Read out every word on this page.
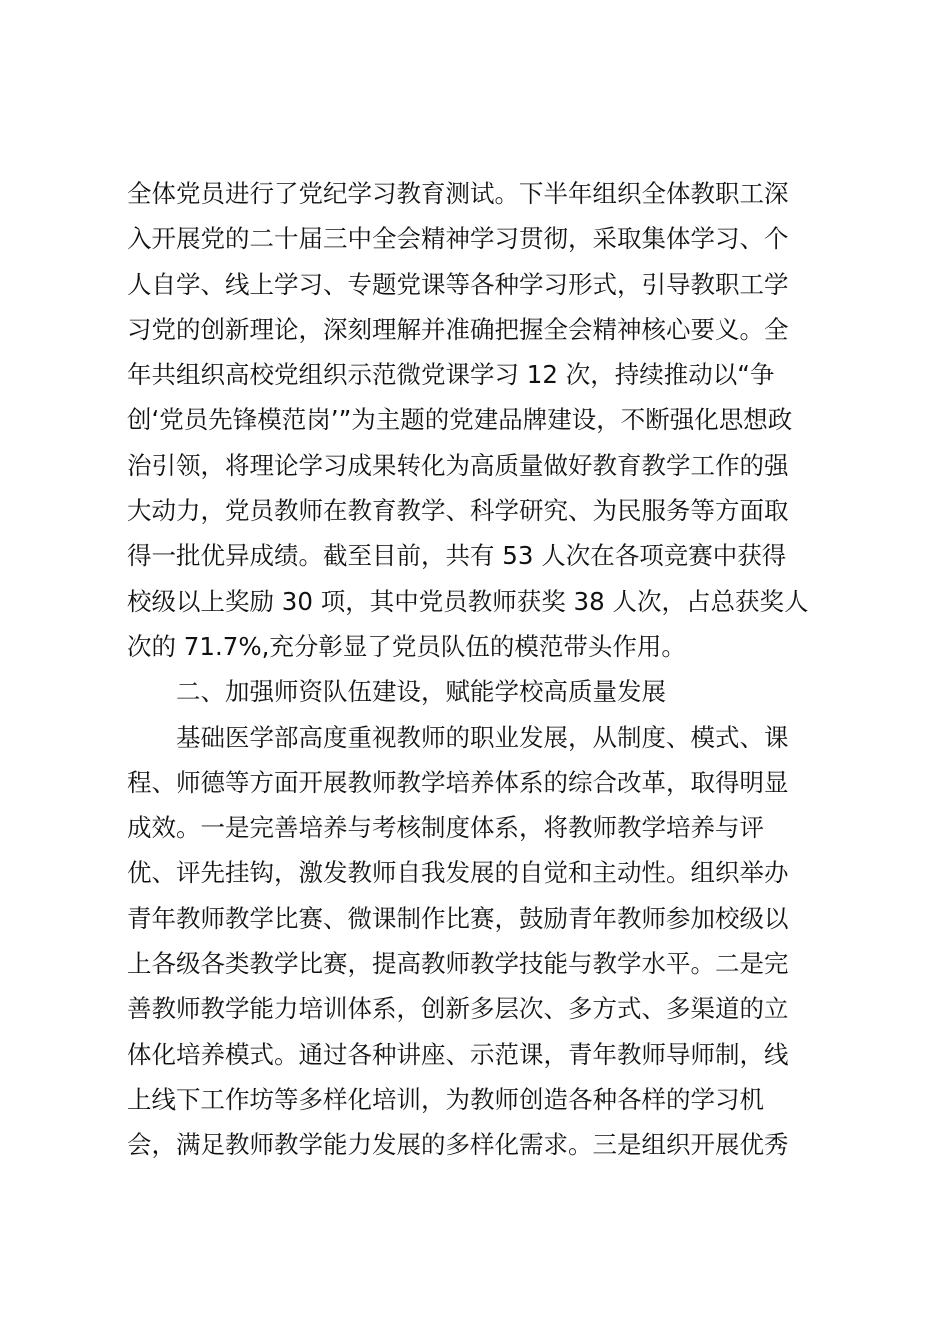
全体党员进行了党纪学习教育测试。下半年组织全体教职工深
入开展党的二十届三中全会精神学习贯彻，采取集体学习、个
人自学、线上学习、专题党课等各种学习形式，引导教职工学
习党的创新理论，深刻理解并准确把握全会精神核心要义。全
年共组织高校党组织示范微党课学习 12 次，持续推动以“争
创‘党员先锋模范岗’”为主题的党建品牌建设，不断强化思想政
治引领，将理论学习成果转化为高质量做好教育教学工作的强
大动力，党员教师在教育教学、科学研究、为民服务等方面取
得一批优异成绩。截至目前，共有 53 人次在各项竞赛中获得
校级以上奖励 30 项，其中党员教师获奖 38 人次，占总获奖人
次的 71.7%,充分彰显了党员队伍的模范带头作用。
二、加强师资队伍建设，赋能学校高质量发展
基础医学部高度重视教师的职业发展，从制度、模式、课
程、师德等方面开展教师教学培养体系的综合改革，取得明显
成效。一是完善培养与考核制度体系，将教师教学培养与评
优、评先挂钩，激发教师自我发展的自觉和主动性。组织举办
青年教师教学比赛、微课制作比赛，鼓励青年教师参加校级以
上各级各类教学比赛，提高教师教学技能与教学水平。二是完
善教师教学能力培训体系，创新多层次、多方式、多渠道的立
体化培养模式。通过各种讲座、示范课，青年教师导师制，线
上线下工作坊等多样化培训，为教师创造各种各样的学习机
会，满足教师教学能力发展的多样化需求。三是组织开展优秀
